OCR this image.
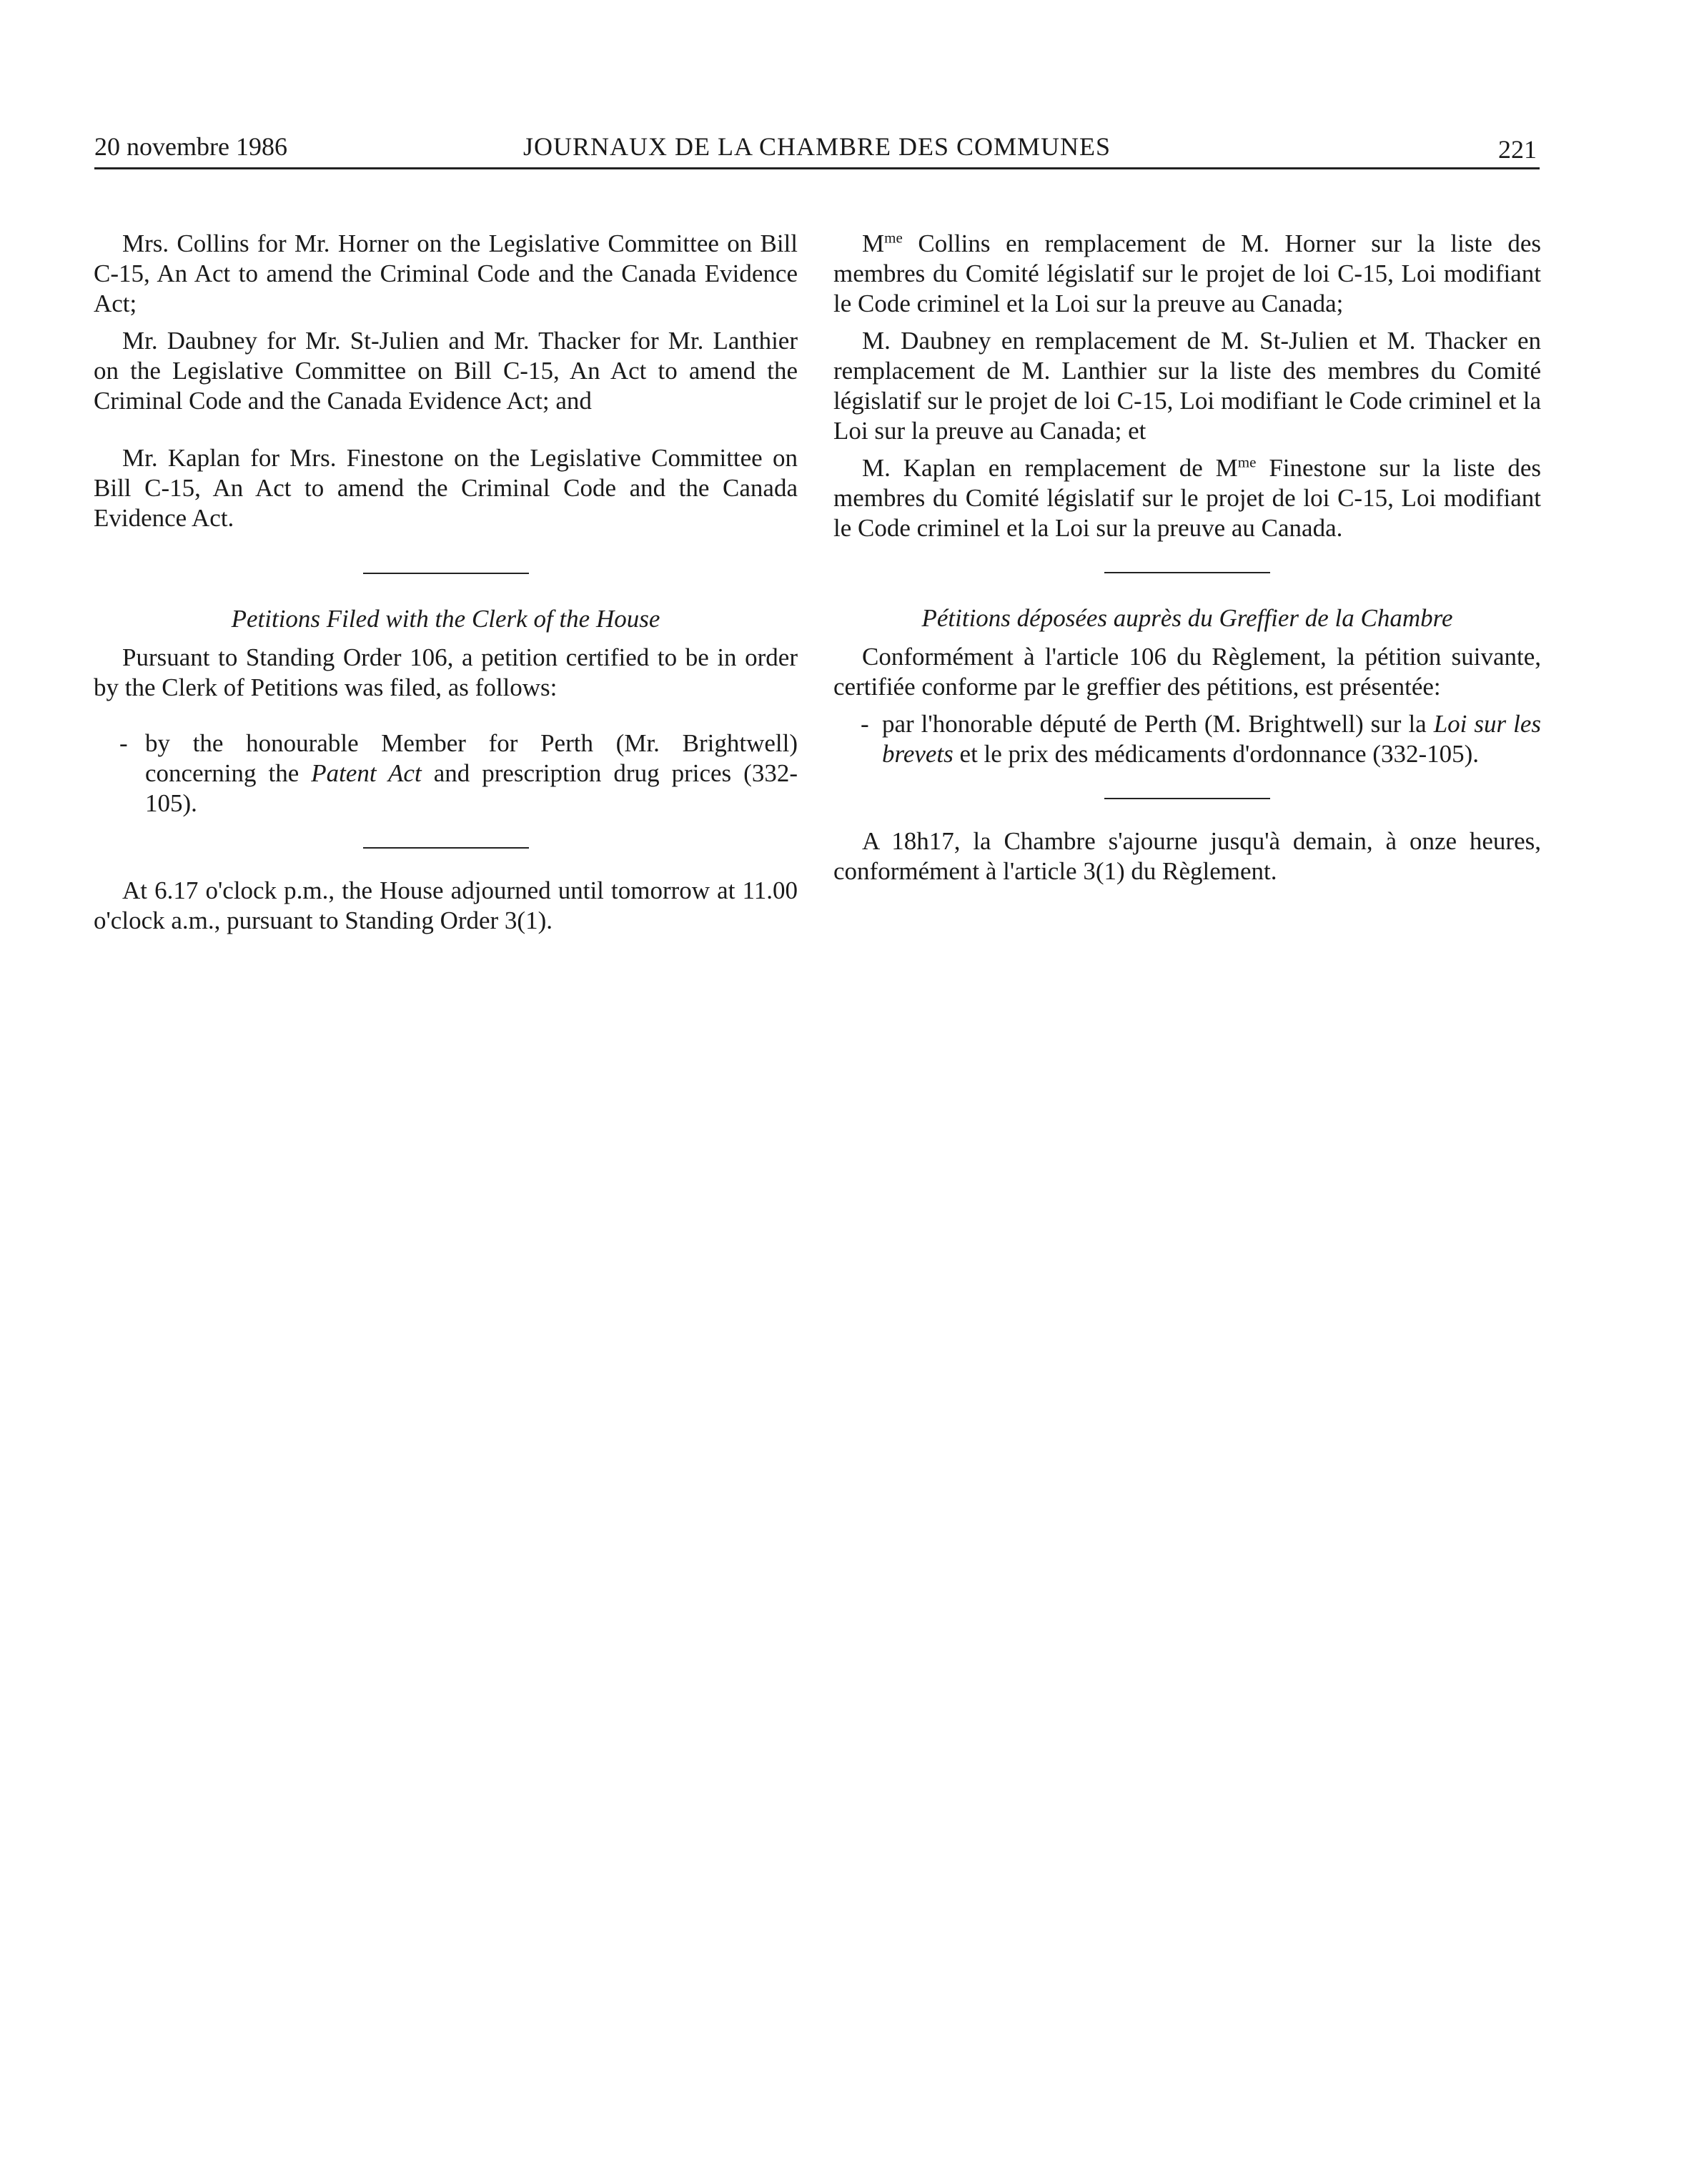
20 novembre 1986	JOURNAUX DE LA CHAMBRE DES COMMUNES	221

Mrs. Collins for Mr. Horner on the Legislative Committee on Bill C-15, An Act to amend the Criminal Code and the Canada Evidence Act;

Mr. Daubney for Mr. St-Julien and Mr. Thacker for Mr. Lanthier on the Legislative Committee on Bill C-15, An Act to amend the Criminal Code and the Canada Evidence Act; and

Mr. Kaplan for Mrs. Finestone on the Legislative Committee on Bill C-15, An Act to amend the Criminal Code and the Canada Evidence Act.

Petitions Filed with the Clerk of the House

Pursuant to Standing Order 106, a petition certified to be in order by the Clerk of Petitions was filed, as follows:

- by the honourable Member for Perth (Mr. Brightwell) concerning the Patent Act and prescription drug prices (332-105).

At 6.17 o'clock p.m., the House adjourned until tomorrow at 11.00 o'clock a.m., pursuant to Standing Order 3(1).

$M^{me}$ Collins en remplacement de M. Horner sur la liste des membres du Comité législatif sur le projet de loi C-15, Loi modifiant le Code criminel et la Loi sur la preuve au Canada;

M. Daubney en remplacement de M. St-Julien et M. Thacker en remplacement de M. Lanthier sur la liste des membres du Comité législatif sur le projet de loi C-15, Loi modifiant le Code criminel et la Loi sur la preuve au Canada; et

M. Kaplan en remplacement de $M^{me}$ Finestone sur la liste des membres du Comité législatif sur le projet de loi C-15, Loi modifiant le Code criminel et la Loi sur la preuve au Canada.

Pétitions déposées auprès du Greffier de la Chambre

Conformément à l'article 106 du Règlement, la pétition suivante, certifiée conforme par le greffier des pétitions, est présentée:

- par l'honorable député de Perth (M. Brightwell) sur la Loi sur les brevets et le prix des médicaments d'ordonnance (332-105).

A 18h17, la Chambre s'ajourne jusqu'à demain, à onze heures, conformément à l'article 3(1) du Règlement.
